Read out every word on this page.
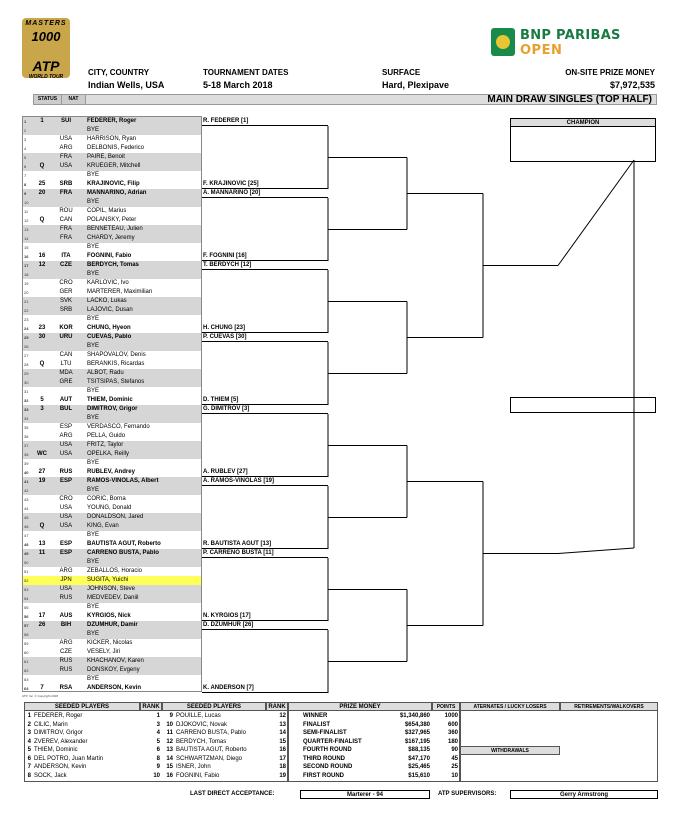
MASTERS
1000
ATP
WORLD TOUR
BNP PARIBAS
OPEN
CITY, COUNTRY
Indian Wells, USA
TOURNAMENT DATES
5-18 March 2018
SURFACE
Hard, Plexipave
ON-SITE PRIZE MONEY
$7,972,535
STATUS	NAT	MAIN DRAW SINGLES (TOP HALF)
1	1	SUI	FEDERER, Roger
2	BYE
3	USA	HARRISON, Ryan
4	ARG	DELBONIS, Federico
5	FRA	PAIRE, Benoit
6	Q	USA	KRUEGER, Mitchell
7	BYE
8	25	SRB	KRAJINOVIC, Filip
9	20	FRA	MANNARINO, Adrian
10	BYE
11	ROU	COPIL, Marius
12	Q	CAN	POLANSKY, Peter
13	FRA	BENNETEAU, Julien
14	FRA	CHARDY, Jeremy
15	BYE
16	16	ITA	FOGNINI, Fabio
17	12	CZE	BERDYCH, Tomas
18	BYE
19	CRO	KARLOVIC, Ivo
20	GER	MARTERER, Maximilian
21	SVK	LACKO, Lukas
22	SRB	LAJOVIC, Dusan
23	BYE
24	23	KOR	CHUNG, Hyeon
25	30	URU	CUEVAS, Pablo
26	BYE
27	CAN	SHAPOVALOV, Denis
28	Q	LTU	BERANKIS, Ricardas
29	MDA	ALBOT, Radu
30	GRE	TSITSIPAS, Stefanos
31	BYE
32	5	AUT	THIEM, Dominic
33	3	BUL	DIMITROV, Grigor
34	BYE
35	ESP	VERDASCO, Fernando
36	ARG	PELLA, Guido
37	USA	FRITZ, Taylor
38	WC	USA	OPELKA, Reilly
39	BYE
40	27	RUS	RUBLEV, Andrey
41	19	ESP	RAMOS-VINOLAS, Albert
42	BYE
43	CRO	CORIC, Borna
44	USA	YOUNG, Donald
45	USA	DONALDSON, Jared
46	Q	USA	KING, Evan
47	BYE
48	13	ESP	BAUTISTA AGUT, Roberto
49	11	ESP	CARRENO BUSTA, Pablo
50	BYE
51	ARG	ZEBALLOS, Horacio
52	JPN	SUGITA, Yuichi
53	USA	JOHNSON, Steve
54	RUS	MEDVEDEV, Daniil
55	BYE
56	17	AUS	KYRGIOS, Nick
57	26	BIH	DZUMHUR, Damir
58	BYE
59	ARG	KICKER, Nicolas
60	CZE	VESELY, Jiri
61	RUS	KHACHANOV, Karen
62	RUS	DONSKOY, Evgeny
63	BYE
64	7	RSA	ANDERSON, Kevin
R. FEDERER [1]
F. KRAJINOVIC [25]
A. MANNARINO [20]
F. FOGNINI [16]
T. BERDYCH [12]
H. CHUNG [23]
P. CUEVAS [30]
D. THIEM [5]
G. DIMITROV [3]
A. RUBLEV [27]
A. RAMOS-VINOLAS [19]
R. BAUTISTA AGUT [13]
P. CARRENO BUSTA [11]
N. KYRGIOS [17]
D. DZUMHUR [26]
K. ANDERSON [7]
CHAMPION
ATP, Inc. © Copyright 2018
SEEDED PLAYERS	RANK	SEEDED PLAYERS	RANK
1 FEDERER, Roger	1
2 CILIC, Marin	3
3 DIMITROV, Grigor	4
4 ZVEREV, Alexander	5
5 THIEM, Dominic	6
6 DEL POTRO, Juan Martin	8
7 ANDERSON, Kevin	9
8 SOCK, Jack	10
9 POUILLE, Lucas	12
10 DJOKOVIC, Novak	13
11 CARRENO BUSTA, Pablo	14
12 BERDYCH, Tomas	15
13 BAUTISTA AGUT, Roberto	16
14 SCHWARTZMAN, Diego	17
15 ISNER, John	18
16 FOGNINI, Fabio	19
PRIZE MONEY	POINTS
WINNER	$1,340,860	1000
FINALIST	$654,380	600
SEMI-FINALIST	$327,965	360
QUARTER-FINALIST	$167,195	180
FOURTH ROUND	$88,135	90
THIRD ROUND	$47,170	45
SECOND ROUND	$25,465	25
FIRST ROUND	$15,610	10
ATERNATES / LUCKY LOSERS	RETIREMENTS/WALKOVERS
WITHDRAWALS
LAST DIRECT ACCEPTANCE:	Marterer - 94	ATP SUPERVISORS:	Gerry Armstrong
